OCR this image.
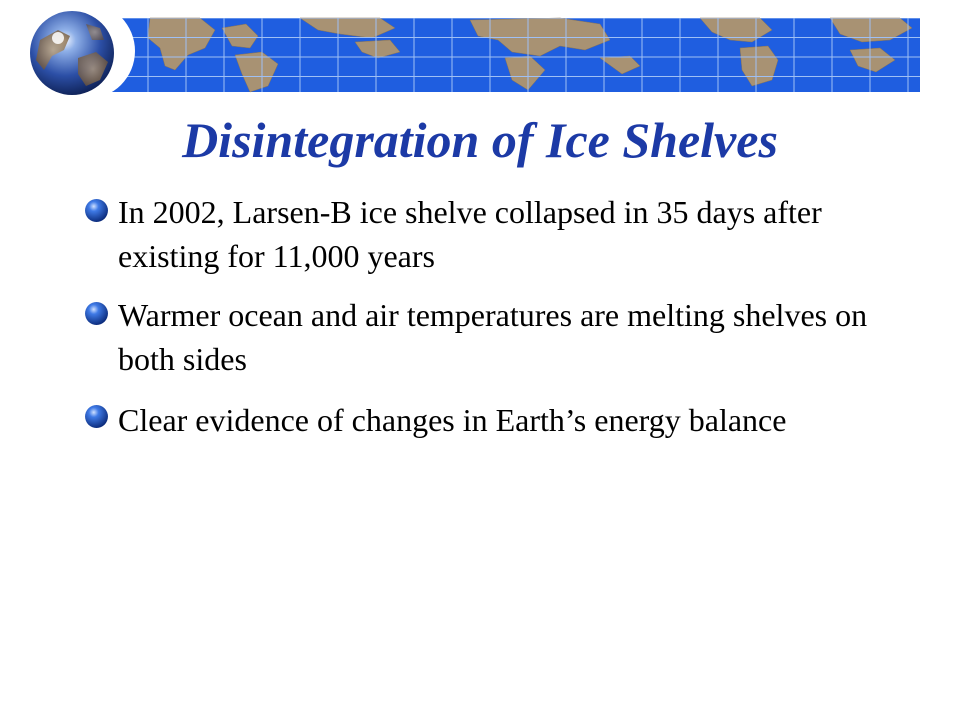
Disintegration of Ice Shelves
In 2002, Larsen-B ice shelve collapsed in 35 days after existing for 11,000 years
Warmer ocean and air temperatures are melting shelves on both sides
Clear evidence of changes in Earth’s energy balance
